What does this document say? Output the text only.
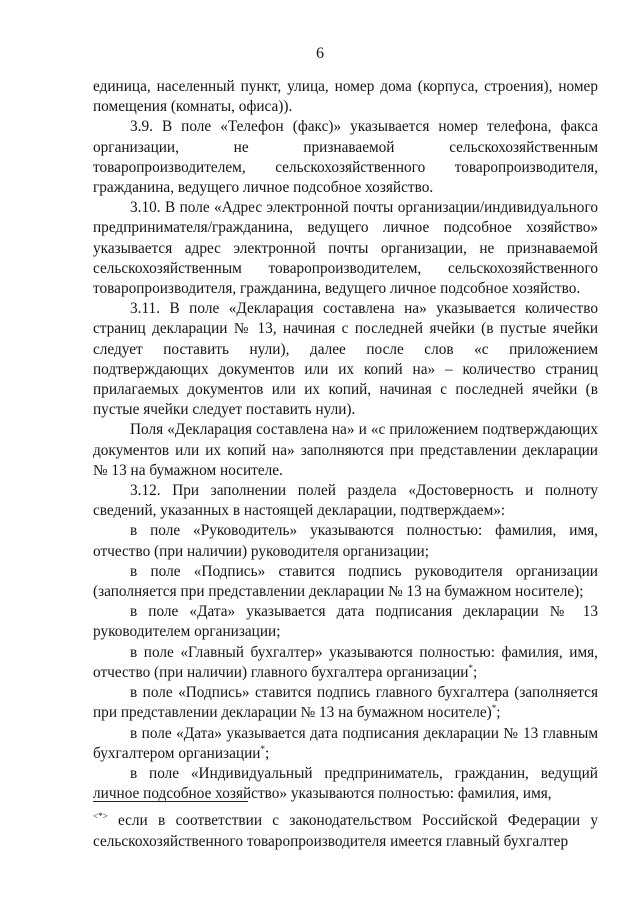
6

единица, населенный пункт, улица, номер дома (корпуса, строения), номер помещения (комнаты, офиса)).

3.9. В поле «Телефон (факс)» указывается номер телефона, факса организации, не признаваемой сельскохозяйственным товаропроизводителем, сельскохозяйственного товаропроизводителя, гражданина, ведущего личное подсобное хозяйство.

3.10. В поле «Адрес электронной почты организации/индивидуального предпринимателя/гражданина, ведущего личное подсобное хозяйство» указывается адрес электронной почты организации, не признаваемой сельскохозяйственным товаропроизводителем, сельскохозяйственного товаропроизводителя, гражданина, ведущего личное подсобное хозяйство.

3.11. В поле «Декларация составлена на» указывается количество страниц декларации № 13, начиная с последней ячейки (в пустые ячейки следует поставить нули), далее после слов «с приложением подтверждающих документов или их копий на» – количество страниц прилагаемых документов или их копий, начиная с последней ячейки (в пустые ячейки следует поставить нули).

Поля «Декларация составлена на» и «с приложением подтверждающих документов или их копий на» заполняются при представлении декларации № 13 на бумажном носителе.

3.12. При заполнении полей раздела «Достоверность и полноту сведений, указанных в настоящей декларации, подтверждаем»:

в поле «Руководитель» указываются полностью: фамилия, имя, отчество (при наличии) руководителя организации;

в поле «Подпись» ставится подпись руководителя организации (заполняется при представлении декларации № 13 на бумажном носителе);

в поле «Дата» указывается дата подписания декларации № 13 руководителем организации;

в поле «Главный бухгалтер» указываются полностью: фамилия, имя, отчество (при наличии) главного бухгалтера организации*;

в поле «Подпись» ставится подпись главного бухгалтера (заполняется при представлении декларации № 13 на бумажном носителе)*;

в поле «Дата» указывается дата подписания декларации № 13 главным бухгалтером организации*;

в поле «Индивидуальный предприниматель, гражданин, ведущий личное подсобное хозяйство» указываются полностью: фамилия, имя,

<*> если в соответствии с законодательством Российской Федерации у сельскохозяйственного товаропроизводителя имеется главный бухгалтер
